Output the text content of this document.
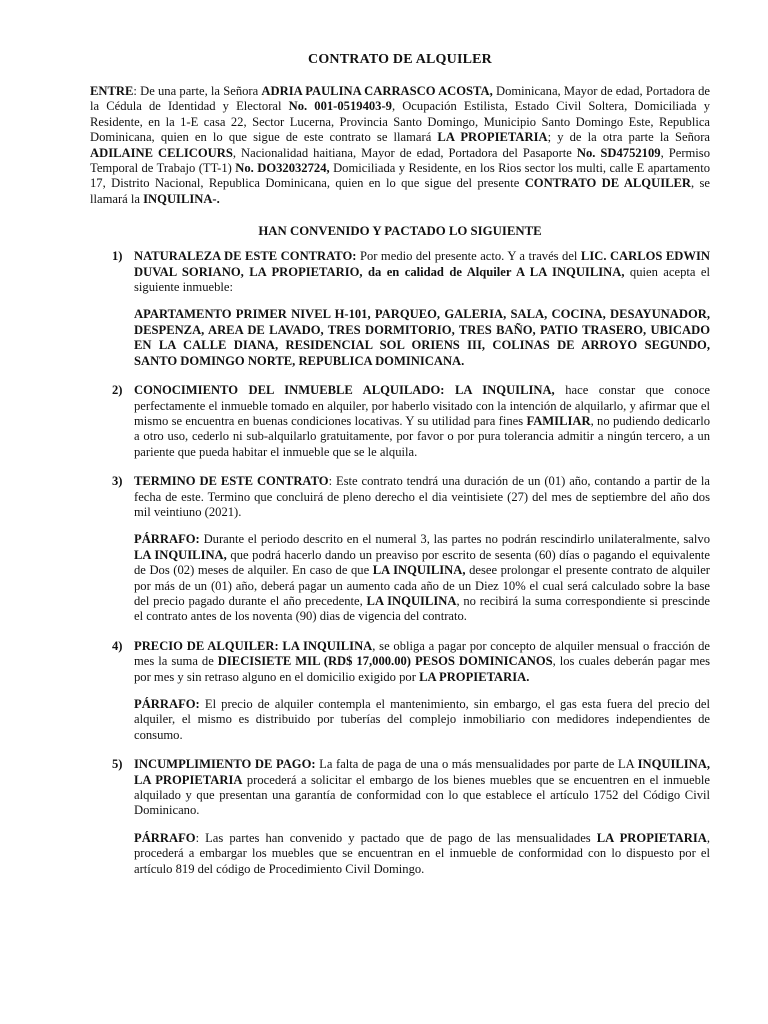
CONTRATO DE ALQUILER

ENTRE: De una parte, la Señora ADRIA PAULINA CARRASCO ACOSTA, Dominicana, Mayor de edad, Portadora de la Cédula de Identidad y Electoral No. 001-0519403-9, Ocupación Estilista, Estado Civil Soltera, Domiciliada y Residente, en la 1-E casa 22, Sector Lucerna, Provincia Santo Domingo, Municipio Santo Domingo Este, Republica Dominicana, quien en lo que sigue de este contrato se llamará LA PROPIETARIA; y de la otra parte la Señora ADILAINE CELICOURS, Nacionalidad haitiana, Mayor de edad, Portadora del Pasaporte No. SD4752109, Permiso Temporal de Trabajo (TT-1) No. DO32032724, Domiciliada y Residente, en los Rios sector los multi, calle E apartamento 17, Distrito Nacional, Republica Dominicana, quien en lo que sigue del presente CONTRATO DE ALQUILER, se llamará la INQUILINA-.

HAN CONVENIDO Y PACTADO LO SIGUIENTE
1) NATURALEZA DE ESTE CONTRATO: Por medio del presente acto. Y a través del LIC. CARLOS EDWIN DUVAL SORIANO, LA PROPIETARIO, da en calidad de Alquiler A LA INQUILINA, quien acepta el siguiente inmueble:

APARTAMENTO PRIMER NIVEL H-101, PARQUEO, GALERIA, SALA, COCINA, DESAYUNADOR, DESPENZA, AREA DE LAVADO, TRES DORMITORIO, TRES BAÑO, PATIO TRASERO, UBICADO EN LA CALLE DIANA, RESIDENCIAL SOL ORIENS III, COLINAS DE ARROYO SEGUNDO, SANTO DOMINGO NORTE, REPUBLICA DOMINICANA.
2) CONOCIMIENTO DEL INMUEBLE ALQUILADO: LA INQUILINA, hace constar que conoce perfectamente el inmueble tomado en alquiler, por haberlo visitado con la intención de alquilarlo, y afirmar que el mismo se encuentra en buenas condiciones locativas. Y su utilidad para fines FAMILIAR, no pudiendo dedicarlo a otro uso, cederlo ni sub-alquilarlo gratuitamente, por favor o por pura tolerancia admitir a ningún tercero, a un pariente que pueda habitar el inmueble que se le alquila.

3) TERMINO DE ESTE CONTRATO: Este contrato tendrá una duración de un (01) año, contando a partir de la fecha de este. Termino que concluirá de pleno derecho el dia veintisiete (27) del mes de septiembre del año dos mil veintiuno (2021).

PÁRRAFO: Durante el periodo descrito en el numeral 3, las partes no podrán rescindirlo unilateralmente, salvo LA INQUILINA, que podrá hacerlo dando un preaviso por escrito de sesenta (60) días o pagando el equivalente de Dos (02) meses de alquiler. En caso de que LA INQUILINA, desee prolongar el presente contrato de alquiler por más de un (01) año, deberá pagar un aumento cada año de un Diez 10% el cual será calculado sobre la base del precio pagado durante el año precedente, LA INQUILINA, no recibirá la suma correspondiente si prescinde el contrato antes de los noventa (90) dias de vigencia del contrato.

4) PRECIO DE ALQUILER: LA INQUILINA, se obliga a pagar por concepto de alquiler mensual o fracción de mes la suma de DIECISIETE MIL (RD$ 17,000.00) PESOS DOMINICANOS, los cuales deberán pagar mes por mes y sin retraso alguno en el domicilio exigido por LA PROPIETARIA.

PÁRRAFO: El precio de alquiler contempla el mantenimiento, sin embargo, el gas esta fuera del precio del alquiler, el mismo es distribuido por tuberías del complejo inmobiliario con medidores independientes de consumo.

5) INCUMPLIMIENTO DE PAGO: La falta de paga de una o más mensualidades por parte de LA INQUILINA, LA PROPIETARIA procederá a solicitar el embargo de los bienes muebles que se encuentren en el inmueble alquilado y que presentan una garantía de conformidad con lo que establece el artículo 1752 del Código Civil Dominicano.

PÁRRAFO: Las partes han convenido y pactado que de pago de las mensualidades LA PROPIETARIA, procederá a embargar los muebles que se encuentran en el inmueble de conformidad con lo dispuesto por el artículo 819 del código de Procedimiento Civil Domingo.
